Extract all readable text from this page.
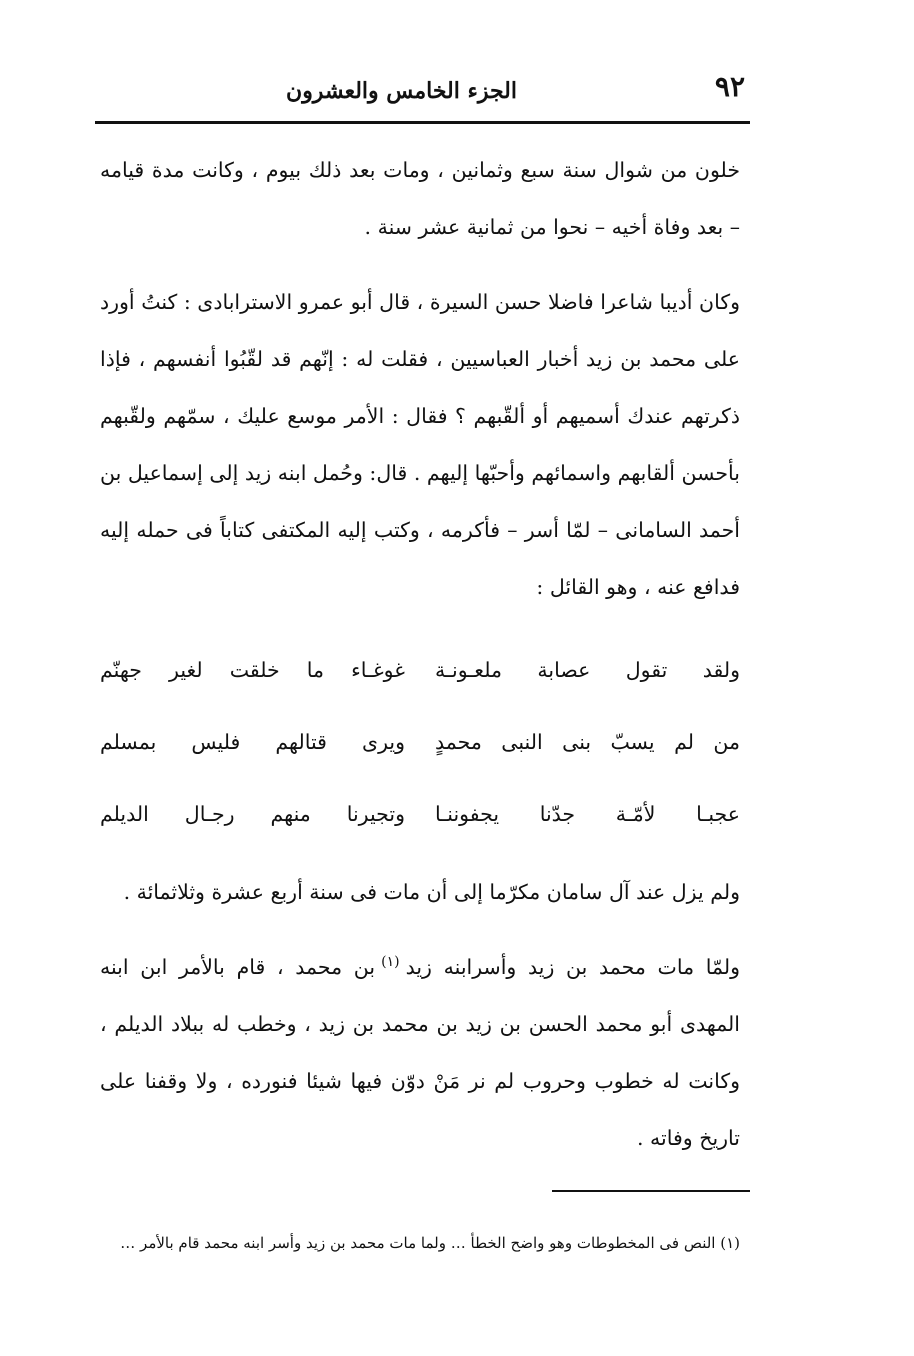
٩٢
الجزء الخامس والعشرون

خلون من شوال سنة سبع وثمانين ، ومات بعد ذلك بيوم ، وكانت مدة قيامه – بعد وفاة أخيه – نحوا من ثمانية عشر سنة .

وكان أديبا شاعرا فاضلا حسن السيرة ، قال أبو عمرو الاسترابادى : كنتُ أورد على محمد بن زيد أخبار العباسيين ، فقلت له : إنّهم قد لقّبُوا أنفسهم ، فإذا ذكرتهم عندك أسميهم أو ألقّبهم ؟ فقال : الأمر موسع عليك ، سمّهم ولقّبهم بأحسن ألقابهم واسمائهم وأحبّها إليهم . قال: وحُمل ابنه زيد إلى إسماعيل بن أحمد السامانى – لمّا أسر – فأكرمه ، وكتب إليه المكتفى كتاباً فى حمله إليه فدافع عنه ، وهو القائل :

ولقد تقول عصابة ملعـونـة
غوغـاء ما خلقت لغير جهنّم
من لم يسبّ بنى النبى محمدٍ
ويرى قتالهم فليس بمسلم
عجبـا لأمّـة جدّنا يجفوننـا
وتجيرنا منهم رجـال الديلم

ولم يزل عند آل سامان مكرّما إلى أن مات فى سنة أربع عشرة وثلاثمائة .

ولمّا مات محمد بن زيد وأسرابنه زيد$^{(١)}$بن محمد ، قام بالأمر ابن ابنه المهدى أبو محمد الحسن بن زيد بن محمد بن زيد ، وخطب له ببلاد الديلم ، وكانت له خطوب وحروب لم نر مَنْ دوّن فيها شيئا فنورده ، ولا وقفنا على تاريخ وفاته .

(١) النص فى المخطوطات وهو واضح الخطأ … ولما مات محمد بن زيد وأسر ابنه محمد قام بالأمر …
